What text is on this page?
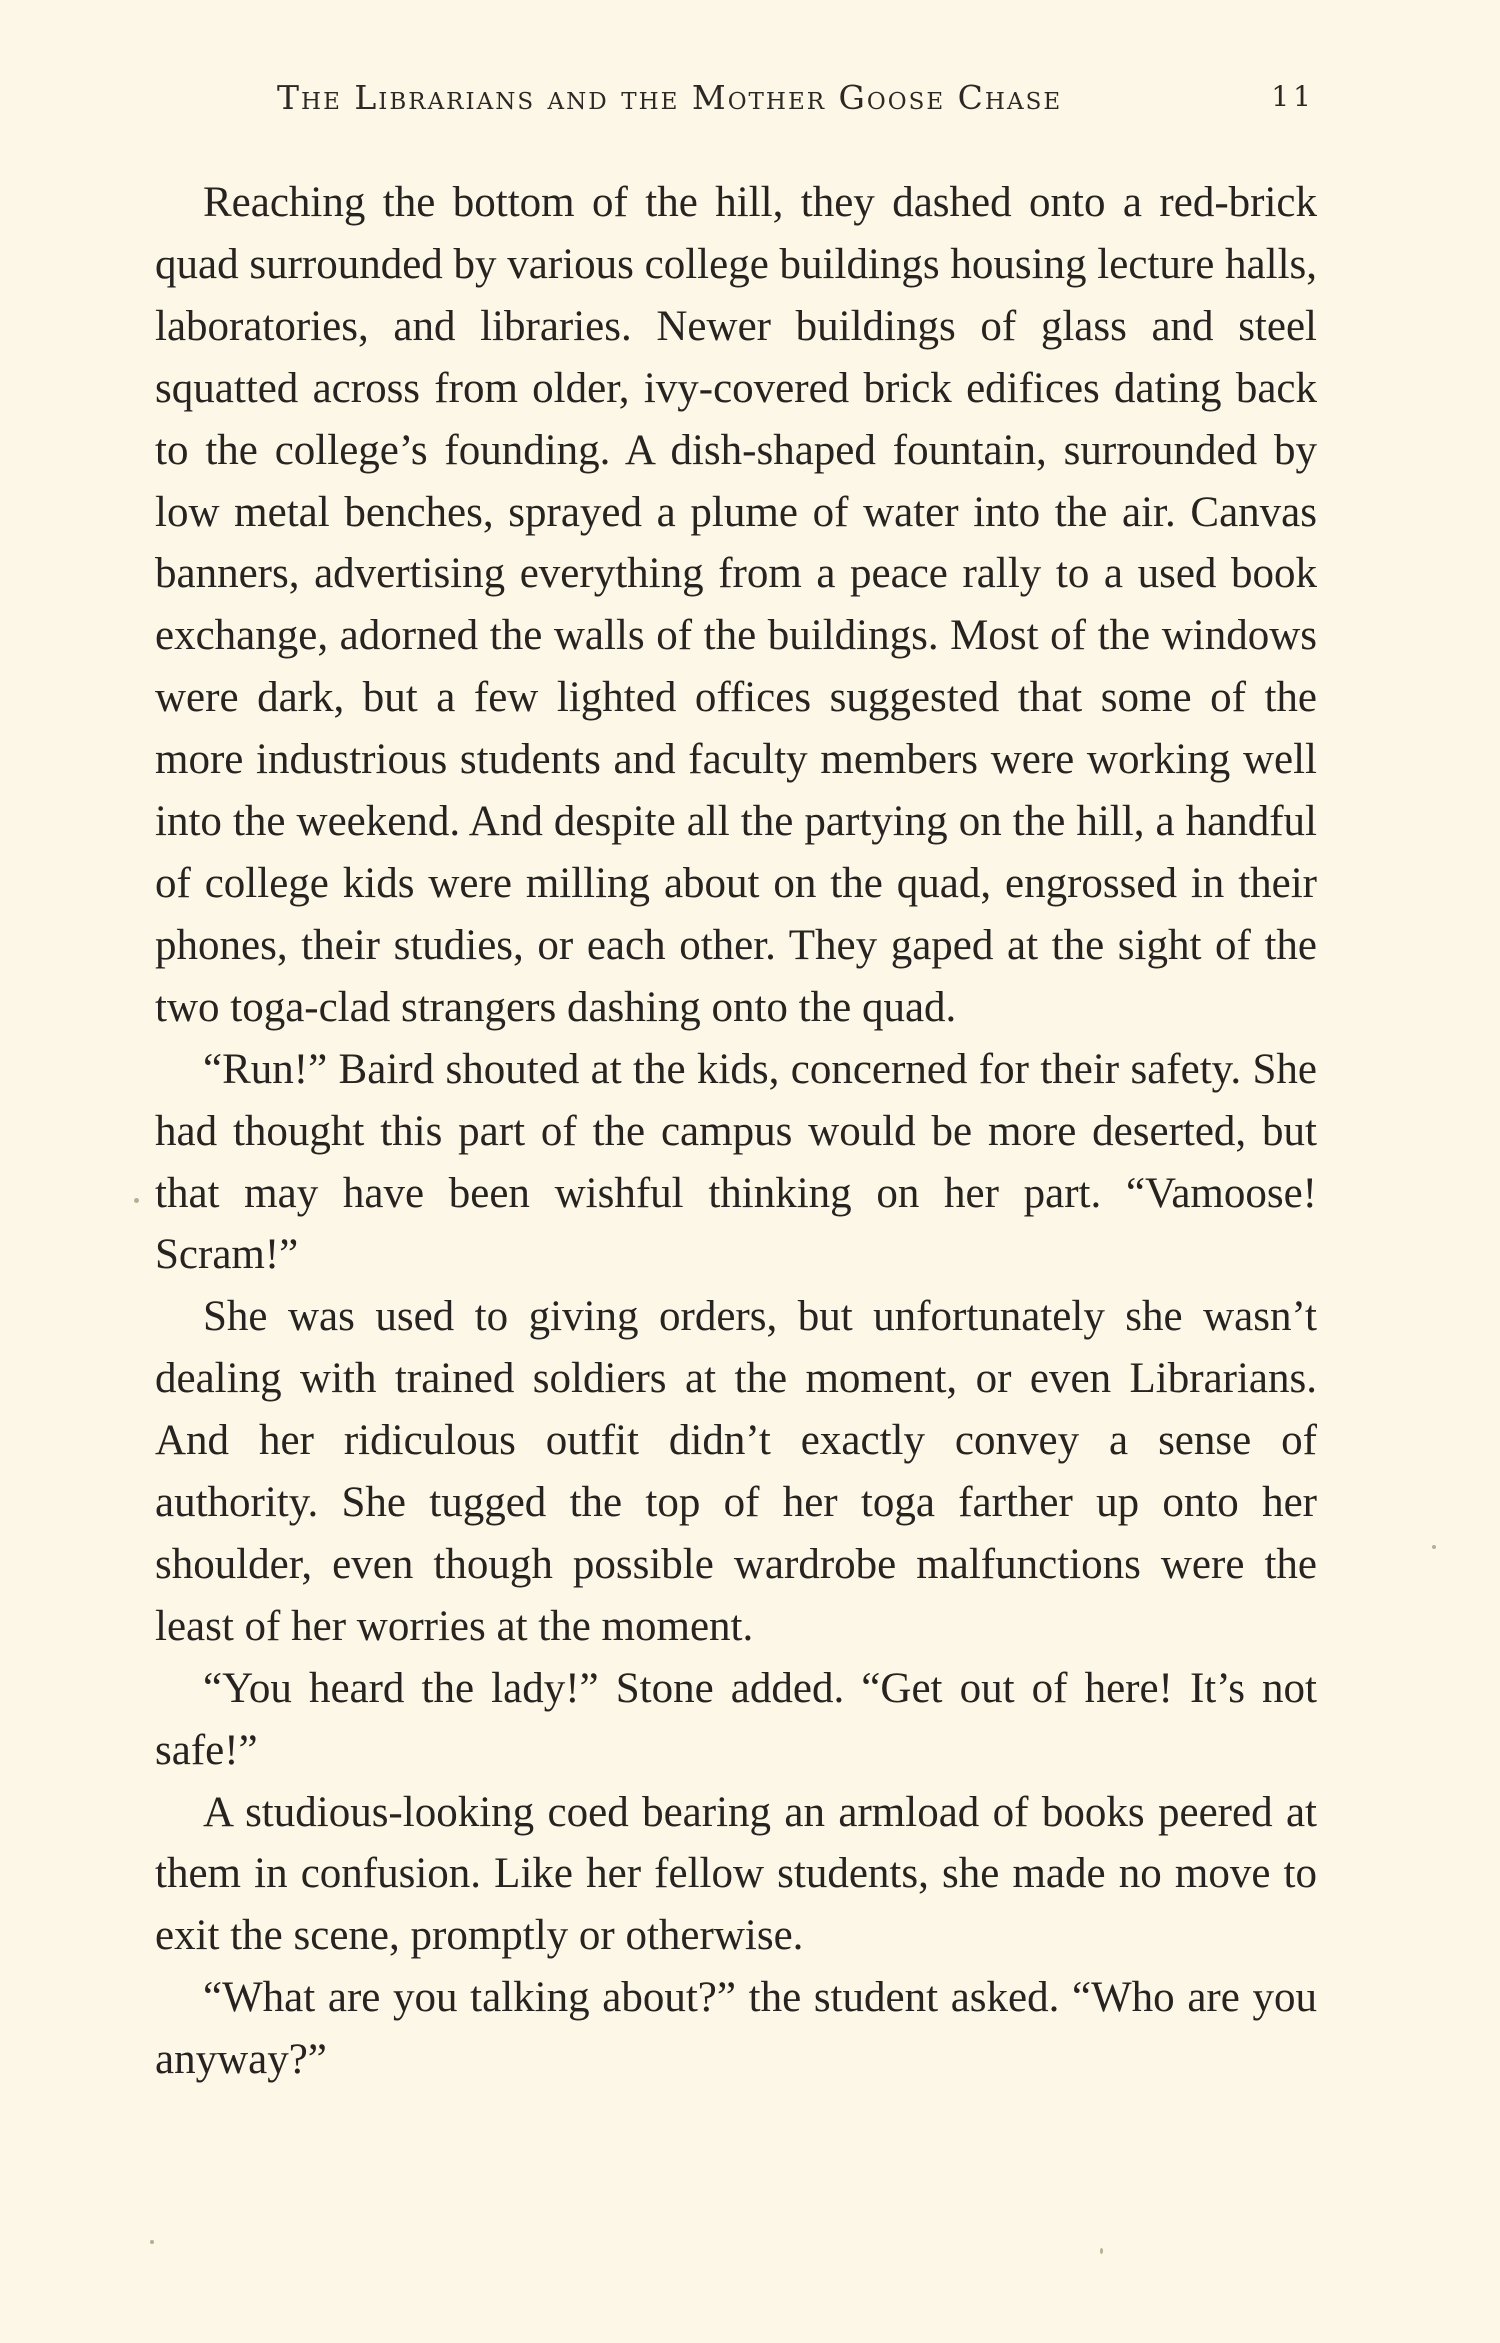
The Librarians and the Mother Goose Chase	11

Reaching the bottom of the hill, they dashed onto a red-brick quad surrounded by various college buildings housing lecture halls, laboratories, and libraries. Newer buildings of glass and steel squatted across from older, ivy-covered brick edifices dating back to the college’s founding. A dish-shaped fountain, surrounded by low metal benches, sprayed a plume of water into the air. Canvas banners, advertising everything from a peace rally to a used book exchange, adorned the walls of the buildings. Most of the windows were dark, but a few lighted offices suggested that some of the more industrious students and faculty members were working well into the weekend. And despite all the partying on the hill, a handful of college kids were milling about on the quad, engrossed in their phones, their studies, or each other. They gaped at the sight of the two toga-clad strangers dashing onto the quad.

“Run!” Baird shouted at the kids, concerned for their safety. She had thought this part of the campus would be more deserted, but that may have been wishful thinking on her part. “Vamoose! Scram!”

She was used to giving orders, but unfortunately she wasn’t dealing with trained soldiers at the moment, or even Librarians. And her ridiculous outfit didn’t exactly convey a sense of authority. She tugged the top of her toga farther up onto her shoulder, even though possible wardrobe malfunctions were the least of her worries at the moment.

“You heard the lady!” Stone added. “Get out of here! It’s not safe!”

A studious-looking coed bearing an armload of books peered at them in confusion. Like her fellow students, she made no move to exit the scene, promptly or otherwise.

“What are you talking about?” the student asked. “Who are you anyway?”
